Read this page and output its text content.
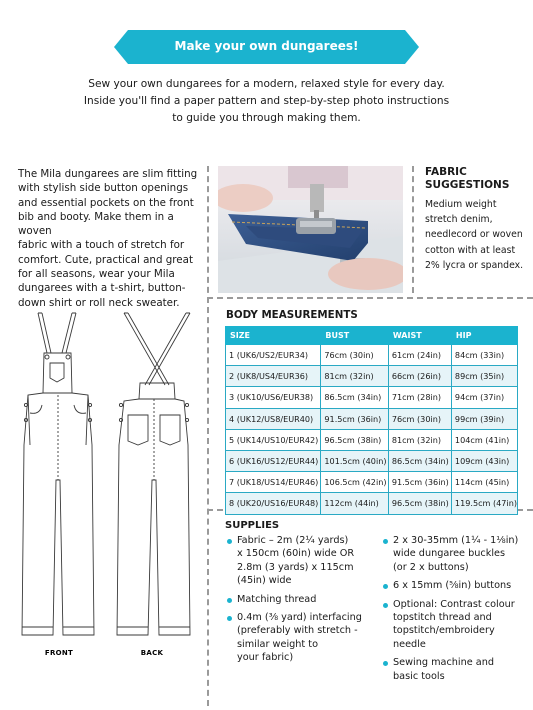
Make your own dungarees!
Sew your own dungarees for a modern, relaxed style for every day.
Inside you'll find a paper pattern and step-by-step photo instructions
to guide you through making them.
The Mila dungarees are slim fitting
with stylish side button openings
and essential pockets on the front
bib and booty. Make them in a woven
fabric with a touch of stretch for
comfort. Cute, practical and great
for all seasons, wear your Mila
dungarees with a t-shirt, button-
down shirt or roll neck sweater.
FABRIC
SUGGESTIONS
Medium weight
stretch denim,
needlecord or woven
cotton with at least
2% lycra or spandex.
BODY MEASUREMENTS
SIZE	BUST	WAIST	HIP
1 (UK6/US2/EUR34)	76cm (30in)	61cm (24in)	84cm (33in)
2 (UK8/US4/EUR36)	81cm (32in)	66cm (26in)	89cm (35in)
3 (UK10/US6/EUR38)	86.5cm (34in)	71cm (28in)	94cm (37in)
4 (UK12/US8/EUR40)	91.5cm (36in)	76cm (30in)	99cm (39in)
5 (UK14/US10/EUR42)	96.5cm (38in)	81cm (32in)	104cm (41in)
6 (UK16/US12/EUR44)	101.5cm (40in)	86.5cm (34in)	109cm (43in)
7 (UK18/US14/EUR46)	106.5cm (42in)	91.5cm (36in)	114cm (45in)
8 (UK20/US16/EUR48)	112cm (44in)	96.5cm (38in)	119.5cm (47in)
SUPPLIES
Fabric – 2m (2¼ yards)
x 150cm (60in) wide OR
2.8m (3 yards) x 115cm
(45in) wide
Matching thread
0.4m (⅜ yard) interfacing
(preferably with stretch -
similar weight to
your fabric)
2 x 30-35mm (1¼ - 1⅛in)
wide dungaree buckles
(or 2 x buttons)
6 x 15mm (⅝in) buttons
Optional: Contrast colour
topstitch thread and
topstitch/embroidery needle
Sewing machine and
basic tools
FRONT	BACK
